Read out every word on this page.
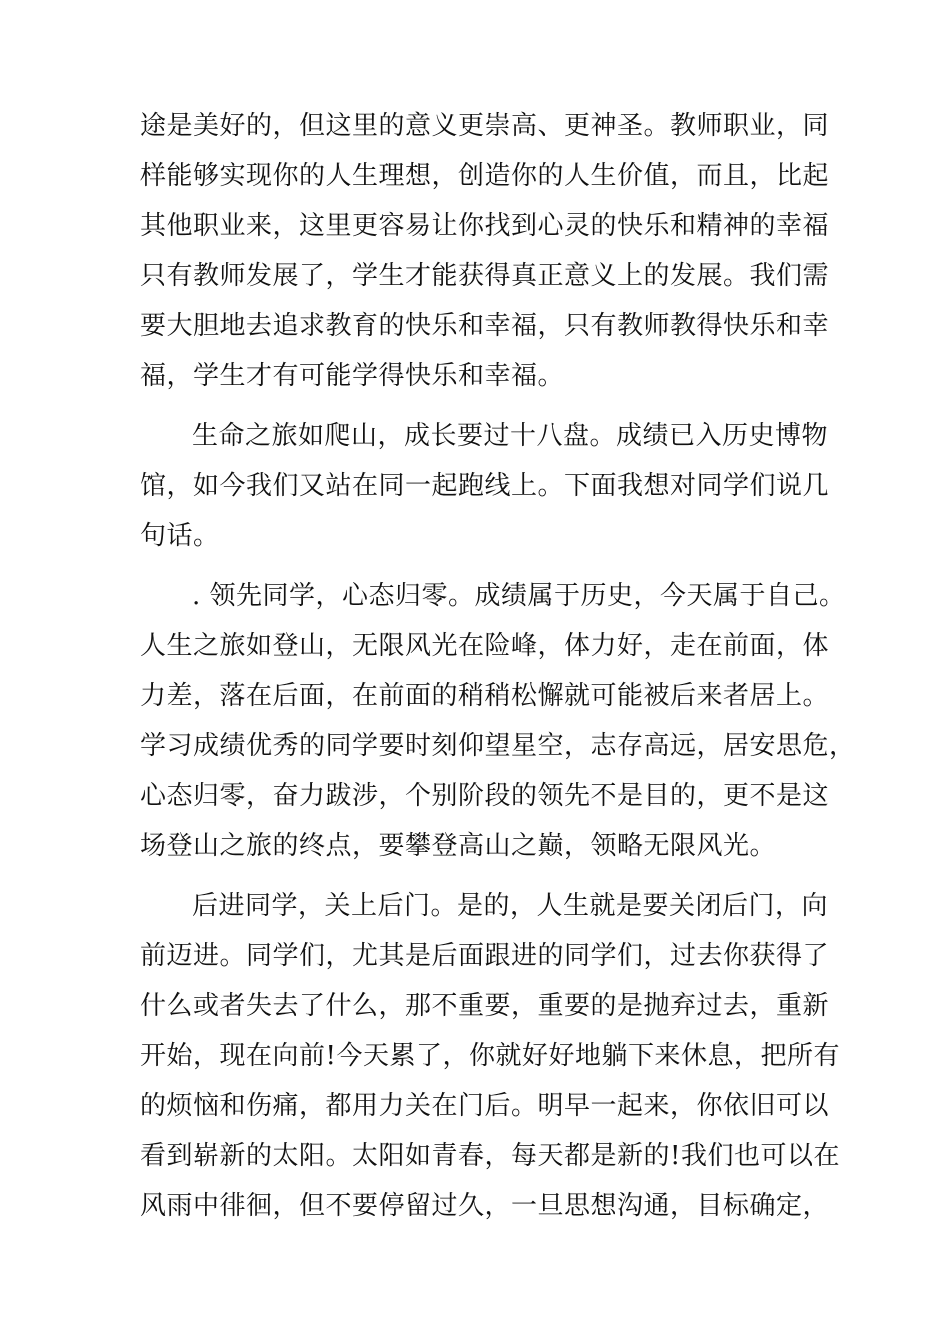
途是美好的，但这里的意义更崇高、更神圣。教师职业，同
样能够实现你的人生理想，创造你的人生价值，而且，比起
其他职业来，这里更容易让你找到心灵的快乐和精神的幸福
只有教师发展了，学生才能获得真正意义上的发展。我们需
要大胆地去追求教育的快乐和幸福，只有教师教得快乐和幸
福，学生才有可能学得快乐和幸福。
生命之旅如爬山，成长要过十八盘。成绩已入历史博物
馆，如今我们又站在同一起跑线上。下面我想对同学们说几
句话。
. 领先同学，心态归零。成绩属于历史，今天属于自己。
人生之旅如登山，无限风光在险峰，体力好，走在前面，体
力差，落在后面，在前面的稍稍松懈就可能被后来者居上。
学习成绩优秀的同学要时刻仰望星空，志存高远，居安思危，
心态归零，奋力跋涉，个别阶段的领先不是目的，更不是这
场登山之旅的终点，要攀登高山之巅，领略无限风光。
后进同学，关上后门。是的，人生就是要关闭后门，向
前迈进。同学们，尤其是后面跟进的同学们，过去你获得了
什么或者失去了什么，那不重要，重要的是抛弃过去，重新
开始，现在向前!今天累了，你就好好地躺下来休息，把所有
的烦恼和伤痛，都用力关在门后。明早一起来，你依旧可以
看到崭新的太阳。太阳如青春，每天都是新的!我们也可以在
风雨中徘徊，但不要停留过久，一旦思想沟通，目标确定，
